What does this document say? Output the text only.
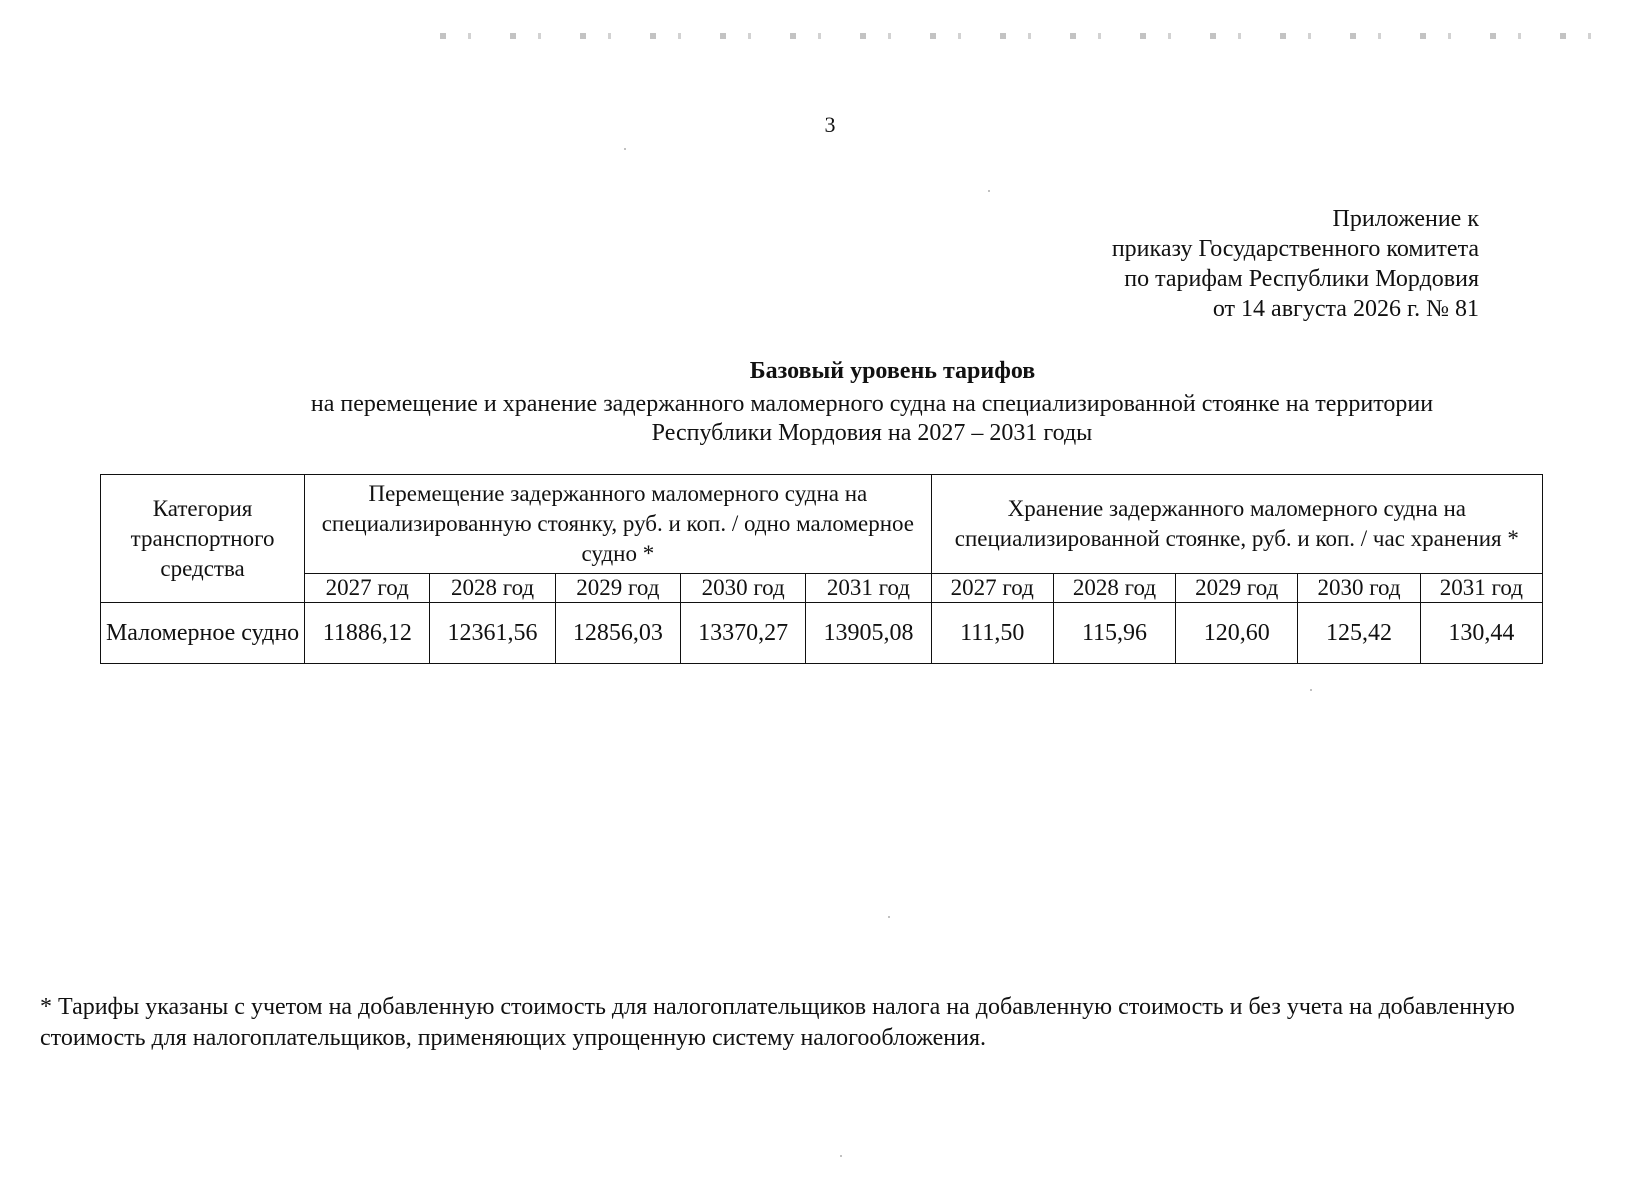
3
Приложение к
приказу Государственного комитета
по тарифам Республики Мордовия
от 14 августа 2026 г. № 81
Базовый уровень тарифов
на перемещение и хранение задержанного маломерного судна на специализированной стоянке на территории
Республики Мордовия на 2027 – 2031 годы
Категория транспортного средства	Перемещение задержанного маломерного судна на специализированную стоянку, руб. и коп. / одно маломерное судно *					Хранение задержанного маломерного судна на специализированной стоянке, руб. и коп. / час хранения *				
	2027 год	2028 год	2029 год	2030 год	2031 год	2027 год	2028 год	2029 год	2030 год	2031 год
Маломерное судно	11886,12	12361,56	12856,03	13370,27	13905,08	111,50	115,96	120,60	125,42	130,44
* Тарифы указаны с учетом на добавленную стоимость для налогоплательщиков налога на добавленную стоимость и без учета на добавленную стоимость для налогоплательщиков, применяющих упрощенную систему налогообложения.
